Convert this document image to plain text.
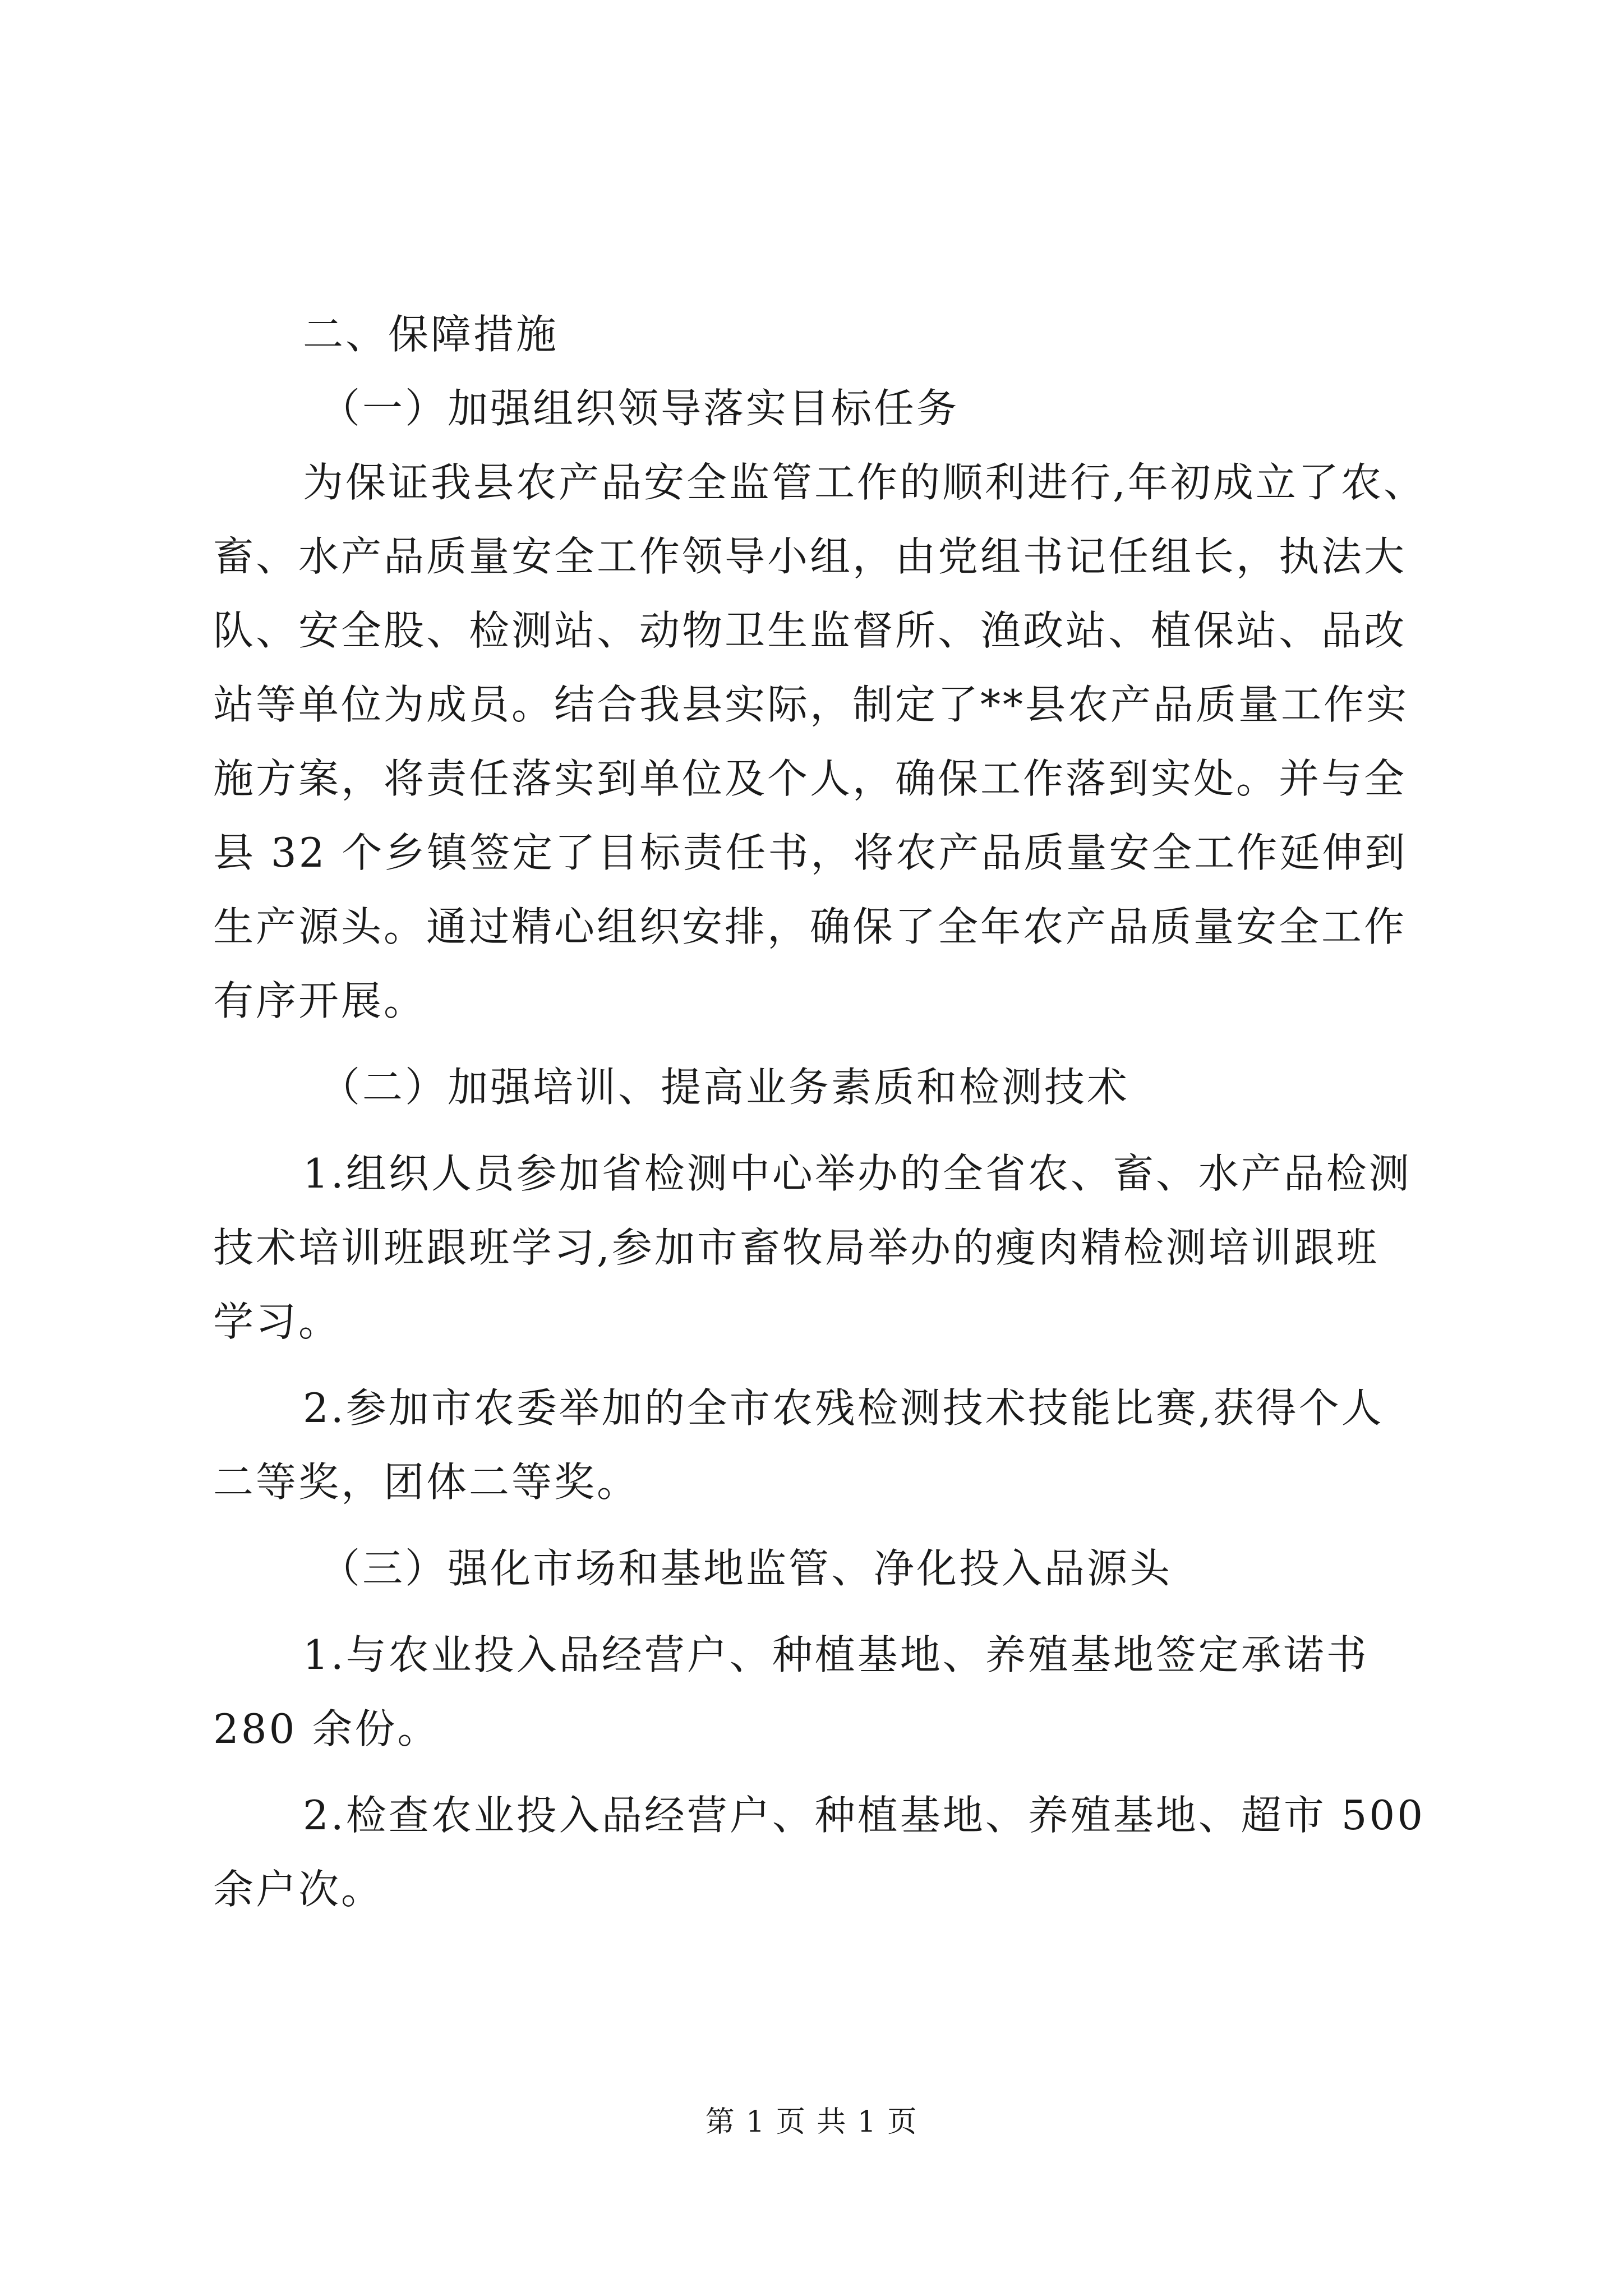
二、保障措施
（一）加强组织领导落实目标任务
为保证我县农产品安全监管工作的顺利进行,年初成立了农、
畜、水产品质量安全工作领导小组，由党组书记任组长，执法大
队、安全股、检测站、动物卫生监督所、渔政站、植保站、品改
站等单位为成员。结合我县实际，制定了**县农产品质量工作实
施方案，将责任落实到单位及个人，确保工作落到实处。并与全
县 32 个乡镇签定了目标责任书，将农产品质量安全工作延伸到
生产源头。通过精心组织安排，确保了全年农产品质量安全工作
有序开展。
（二）加强培训、提高业务素质和检测技术
1.组织人员参加省检测中心举办的全省农、畜、水产品检测
技术培训班跟班学习,参加市畜牧局举办的瘦肉精检测培训跟班
学习。
2.参加市农委举加的全市农残检测技术技能比赛,获得个人
二等奖，团体二等奖。
（三）强化市场和基地监管、净化投入品源头
1.与农业投入品经营户、种植基地、养殖基地签定承诺书
280 余份。
2.检查农业投入品经营户、种植基地、养殖基地、超市 500
余户次。
第 1 页 共 1 页
